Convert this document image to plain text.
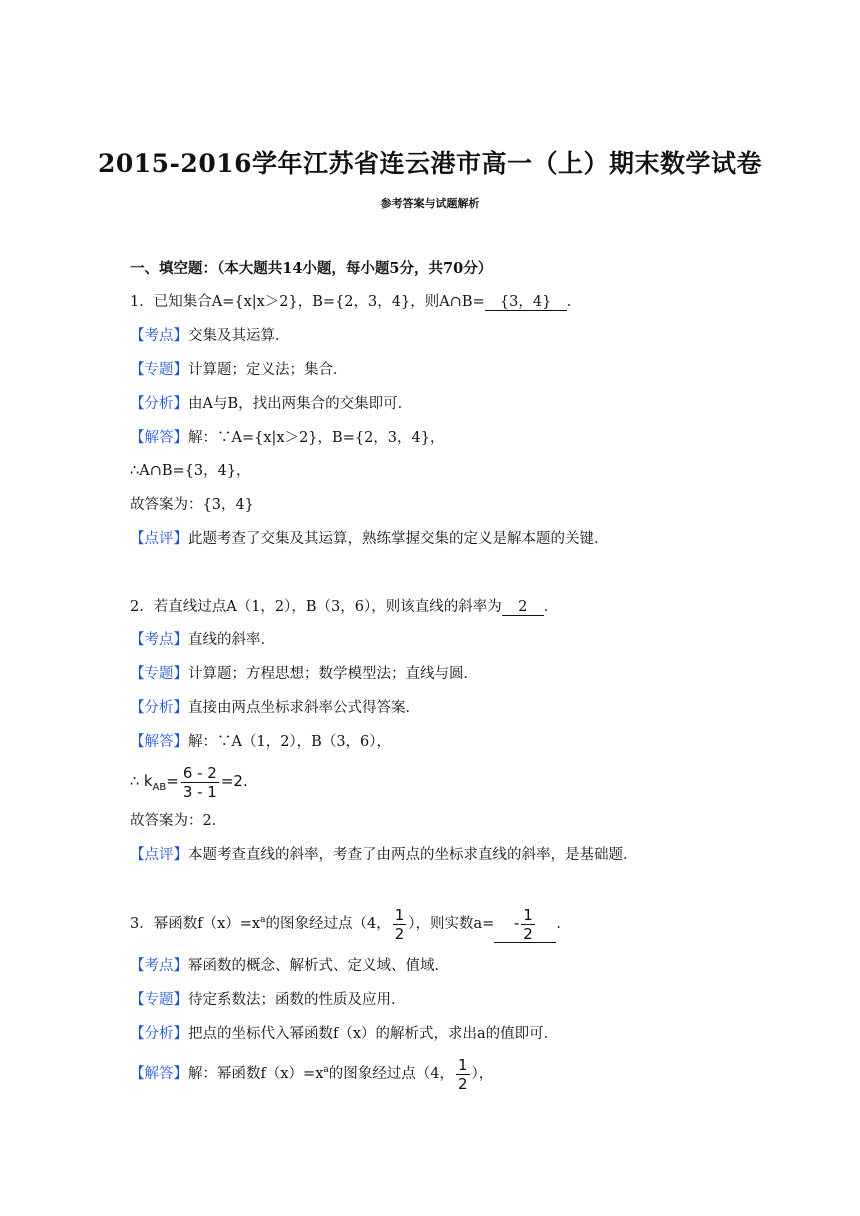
2015-2016学年江苏省连云港市高一（上）期末数学试卷
参考答案与试题解析
一、填空题：（本大题共14小题，每小题5分，共70分）
1．已知集合A={x|x＞2}，B={2，3，4}，则A∩B= {3，4} ．
【考点】交集及其运算．
【专题】计算题；定义法；集合．
【分析】由A与B，找出两集合的交集即可．
【解答】解：∵A={x|x＞2}，B={2，3，4}，
∴A∩B={3，4}，
故答案为：{3，4}
【点评】此题考查了交集及其运算，熟练掌握交集的定义是解本题的关键．
2．若直线过点A（1，2），B（3，6），则该直线的斜率为 2 ．
【考点】直线的斜率．
【专题】计算题；方程思想；数学模型法；直线与圆．
【分析】直接由两点坐标求斜率公式得答案．
【解答】解：∵A（1，2），B（3，6），
∴ $k_{AB}= \frac{6 - 2}{3 - 1} =2$.
故答案为：2．
【点评】本题考查直线的斜率，考查了由两点的坐标求直线的斜率，是基础题．
3．幂函数$f(x)=x^a$的图象经过点（4， $\frac{1}{2}$ ），则实数$a= - \frac{1}{2}$ ．
【考点】幂函数的概念、解析式、定义域、值域．
【专题】待定系数法；函数的性质及应用．
【分析】把点的坐标代入幂函数f（x）的解析式，求出a的值即可．
【解答】解：幂函数$f(x)=x^a$的图象经过点（4， $\frac{1}{2}$ ），
